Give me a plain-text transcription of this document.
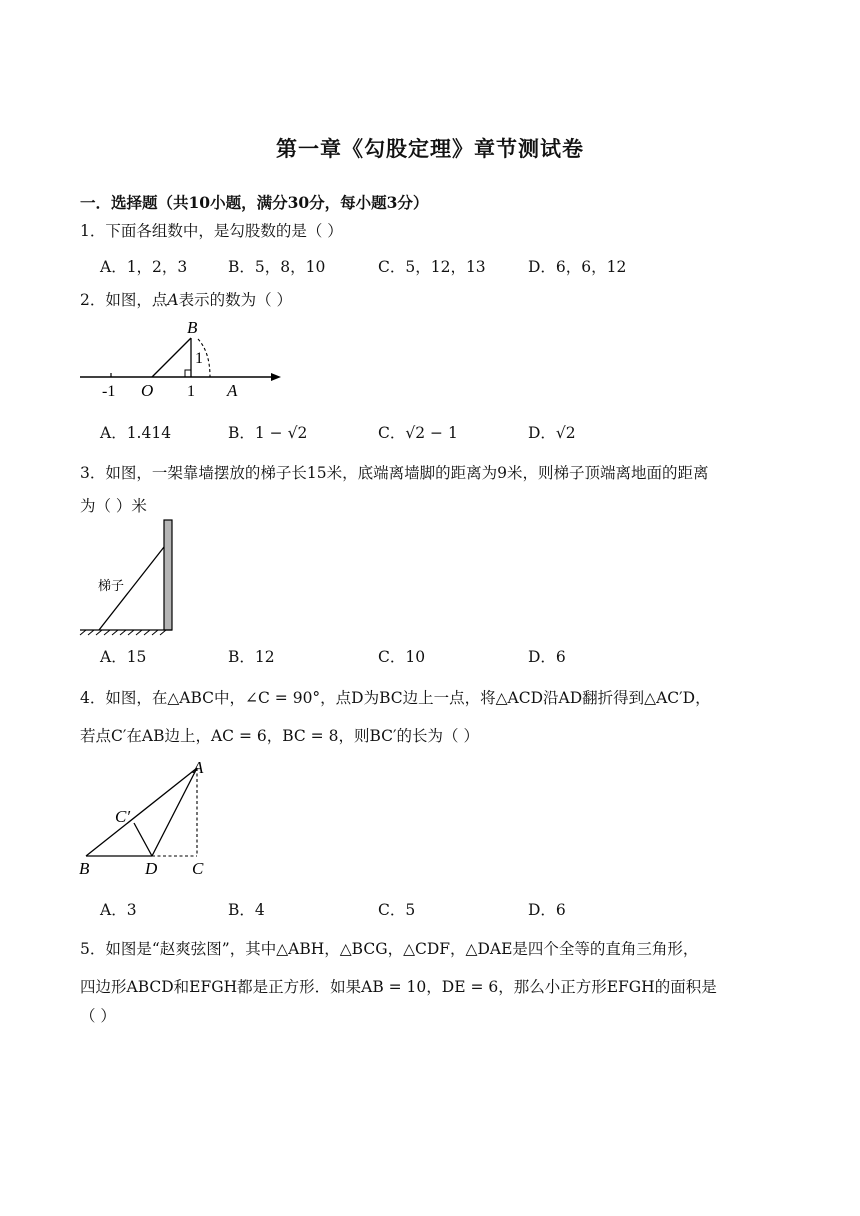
第一章《勾股定理》章节测试卷
一．选择题（共10小题，满分30分，每小题3分）
1．下面各组数中，是勾股数的是（ ）
A．1，2，3	B．5，8，10	C．5，12，13	D．6，6，12
2．如图，点A表示的数为（ ）
B
1
-1 O 1 A
A．1.414	B．1 − √2	C．√2 − 1	D．√2
3．如图，一架靠墙摆放的梯子长15米，底端离墙脚的距离为9米，则梯子顶端离地面的距离
为（ ）米
梯子
A．15	B．12	C．10	D．6
4．如图，在△ABC中，∠C = 90°，点D为BC边上一点，将△ACD沿AD翻折得到△AC′D，
若点C′在AB边上，AC = 6，BC = 8，则BC′的长为（ ）
A
C′
B	D C
A．3	B．4	C．5	D．6
5．如图是“赵爽弦图”，其中△ABH，△BCG，△CDF，△DAE是四个全等的直角三角形，
四边形ABCD和EFGH都是正方形．如果AB = 10，DE = 6，那么小正方形EFGH的面积是
（ ）
